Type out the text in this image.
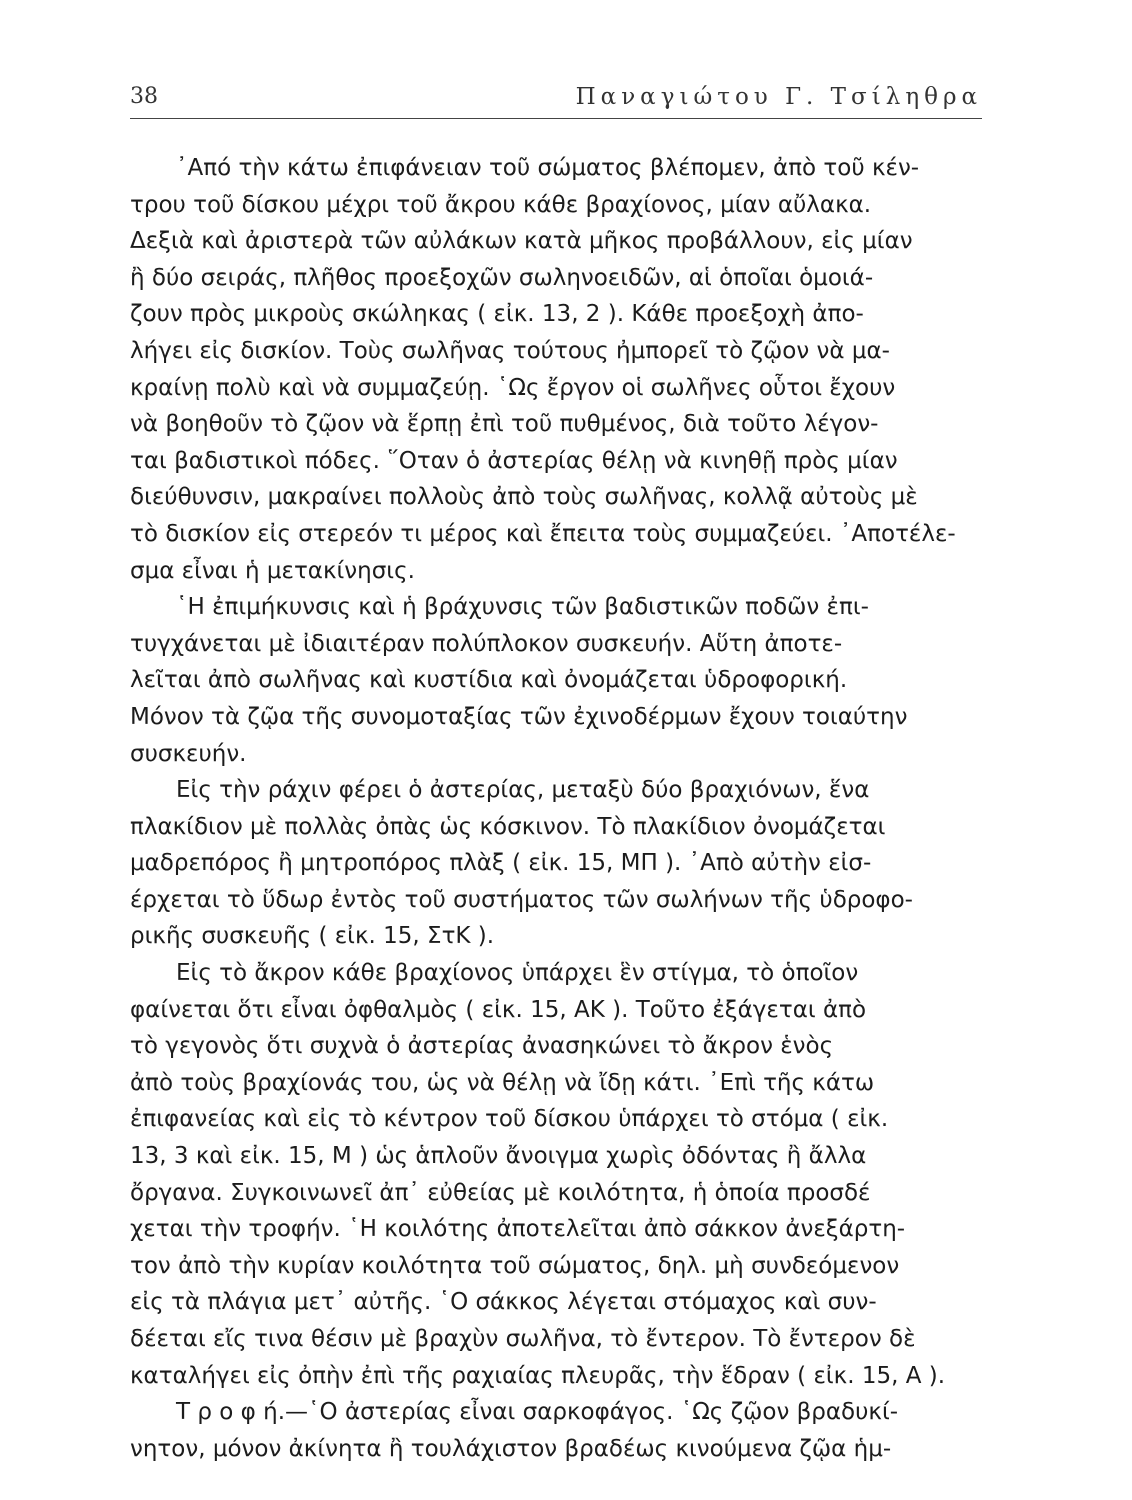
38	Παναγιώτου Γ. Τσίληθρα
᾿Από τὴν κάτω ἐπιφάνειαν τοῦ σώματος βλέπομεν, ἀπὸ τοῦ κέν-
τρου τοῦ δίσκου μέχρι τοῦ ἄκρου κάθε βραχίονος, μίαν αὔλακα.
Δεξιὰ καὶ ἀριστερὰ τῶν αὐλάκων κατὰ μῆκος προβάλλουν, εἰς μίαν
ἢ δύο σειράς, πλῆθος προεξοχῶν σωληνοειδῶν, αἱ ὁποῖαι ὁμοιά-
ζουν πρὸς μικροὺς σκώληκας ( εἰκ. 13, 2 ). Κάθε προεξοχὴ ἀπο-
λήγει εἰς δισκίον. Τοὺς σωλῆνας τούτους ἠμπορεῖ τὸ ζῷον νὰ μα-
κραίνῃ πολὺ καὶ νὰ συμμαζεύῃ. ῾Ως ἔργον οἱ σωλῆνες οὗτοι ἔχουν
νὰ βοηθοῦν τὸ ζῷον νὰ ἕρπῃ ἐπὶ τοῦ πυθμένος, διὰ τοῦτο λέγον-
ται βαδιστικοὶ πόδες. ῞Οταν ὁ ἀστερίας θέλῃ νὰ κινηθῇ πρὸς μίαν
διεύθυνσιν, μακραίνει πολλοὺς ἀπὸ τοὺς σωλῆνας, κολλᾷ αὐτοὺς μὲ
τὸ δισκίον εἰς στερεόν τι μέρος καὶ ἔπειτα τοὺς συμμαζεύει. ᾿Αποτέλε-
σμα εἶναι ἡ μετακίνησις.
῾Η ἐπιμήκυνσις καὶ ἡ βράχυνσις τῶν βαδιστικῶν ποδῶν ἐπι-
τυγχάνεται μὲ ἰδιαιτέραν πολύπλοκον συσκευήν. Αὕτη ἀποτε-
λεῖται ἀπὸ σωλῆνας καὶ κυστίδια καὶ ὀνομάζεται ὑδροφορική.
Μόνον τὰ ζῷα τῆς συνομοταξίας τῶν ἐχινοδέρμων ἔχουν τοιαύτην
συσκευήν.
Εἰς τὴν ράχιν φέρει ὁ ἀστερίας, μεταξὺ δύο βραχιόνων, ἕνα
πλακίδιον μὲ πολλὰς ὀπὰς ὡς κόσκινον. Τὸ πλακίδιον ὀνομάζεται
μαδρεπόρος ἢ μητροπόρος πλὰξ ( εἰκ. 15, ΜΠ ). ᾿Απὸ αὐτὴν εἰσ-
έρχεται τὸ ὕδωρ ἐντὸς τοῦ συστήματος τῶν σωλήνων τῆς ὑδροφο-
ρικῆς συσκευῆς ( εἰκ. 15, ΣτΚ ).
Εἰς τὸ ἄκρον κάθε βραχίονος ὑπάρχει ἓν στίγμα, τὸ ὁποῖον
φαίνεται ὅτι εἶναι ὀφθαλμὸς ( εἰκ. 15, ΑΚ ). Τοῦτο ἐξάγεται ἀπὸ
τὸ γεγονὸς ὅτι συχνὰ ὁ ἀστερίας ἀνασηκώνει τὸ ἄκρον ἑνὸς
ἀπὸ τοὺς βραχίονάς του, ὡς νὰ θέλῃ νὰ ἴδῃ κάτι. ᾿Επὶ τῆς κάτω
ἐπιφανείας καὶ εἰς τὸ κέντρον τοῦ δίσκου ὑπάρχει τὸ στόμα ( εἰκ.
13, 3 καὶ εἰκ. 15, Μ ) ὡς ἁπλοῦν ἄνοιγμα χωρὶς ὀδόντας ἢ ἄλλα
ὄργανα. Συγκοινωνεῖ ἀπ᾿ εὐθείας μὲ κοιλότητα, ἡ ὁποία προσδέ
χεται τὴν τροφήν. ῾Η κοιλότης ἀποτελεῖται ἀπὸ σάκκον ἀνεξάρτη-
τον ἀπὸ τὴν κυρίαν κοιλότητα τοῦ σώματος, δηλ. μὴ συνδεόμενον
εἰς τὰ πλάγια μετ᾿ αὐτῆς. ῾Ο σάκκος λέγεται στόμαχος καὶ συν-
δέεται εἴς τινα θέσιν μὲ βραχὺν σωλῆνα, τὸ ἔντερον. Τὸ ἔντερον δὲ
καταλήγει εἰς ὀπὴν ἐπὶ τῆς ραχιαίας πλευρᾶς, τὴν ἕδραν ( εἰκ. 15, Α ).
Τ ρ ο φ ή.—῾Ο ἀστερίας εἶναι σαρκοφάγος. ῾Ως ζῷον βραδυκί-
νητον, μόνον ἀκίνητα ἢ τουλάχιστον βραδέως κινούμενα ζῷα ἡμ-
